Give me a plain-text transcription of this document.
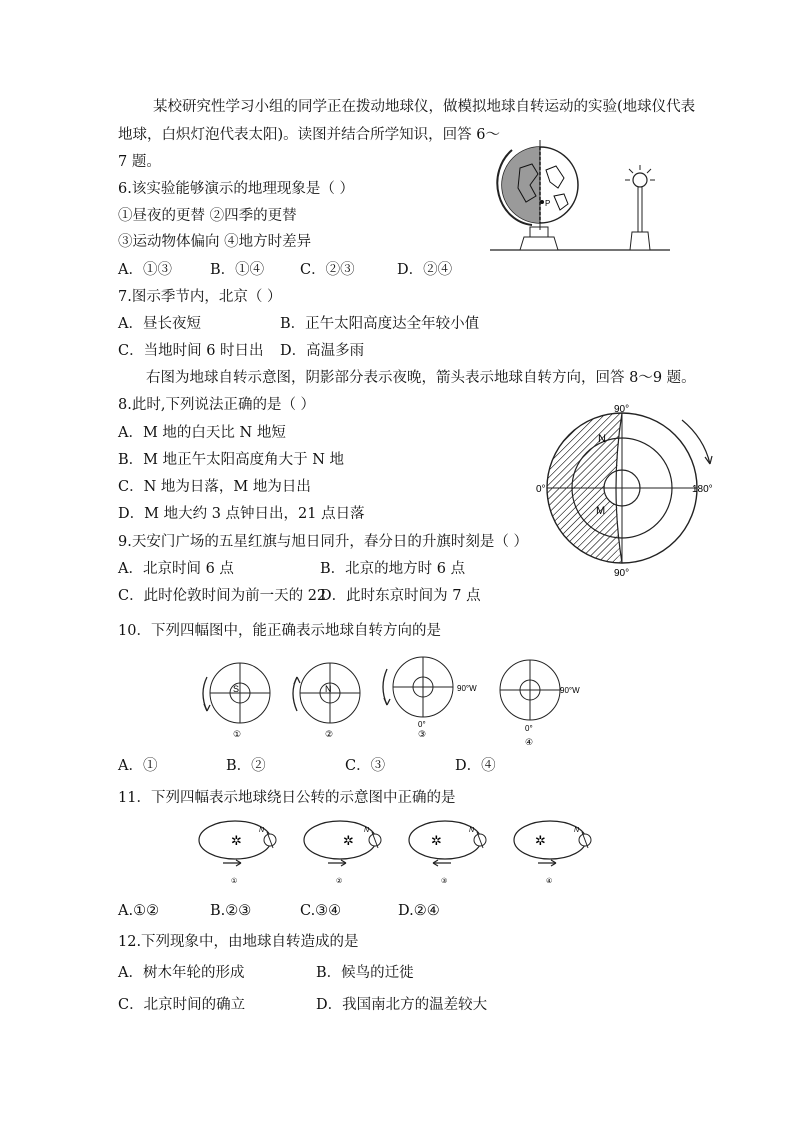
某校研究性学习小组的同学正在拨动地球仪，做模拟地球自转运动的实验(地球仪代表
地球，白炽灯泡代表太阳)。读图并结合所学知识，回答 6～
7 题。
P
6.该实验能够演示的地理现象是（ ）
①昼夜的更替 ②四季的更替
③运动物体偏向 ④地方时差异
A．①③	B．①④ C．②③	D．②④
7.图示季节内，北京（ ）
A．昼长夜短	B．正午太阳高度达全年较小值
C．当地时间 6 时日出 D．高温多雨
右图为地球自转示意图，阴影部分表示夜晚，箭头表示地球自转方向，回答 8～9 题。
8.此时,下列说法正确的是（ ）
A．M 地的白天比 N 地短
B．M 地正午太阳高度角大于 N 地
C．N 地为日落，M 地为日出
D．M 地大约 3 点钟日出，21 点日落
90°
90°
0°	180°
N
M
9.天安门广场的五星红旗与旭日同升，春分日的升旗时刻是（ ）
A．北京时间 6 点	B．北京的地方时 6 点
C．此时伦敦时间为前一天的 22
D．此时东京时间为 7 点
10．下列四幅图中，能正确表示地球自转方向的是
S
①
N
②
90°W
0°
③
90°W
0°
④
A．①	B．②	C．③	D．④
11．下列四幅表示地球绕日公转的示意图中正确的是
N
✲
①
N
✲
②
N
✲
③
N
✲
④
A.①②	B.②③	C.③④	D.②④
12.下列现象中，由地球自转造成的是
A．树木年轮的形成	B．候鸟的迁徙
C．北京时间的确立	D．我国南北方的温差较大
